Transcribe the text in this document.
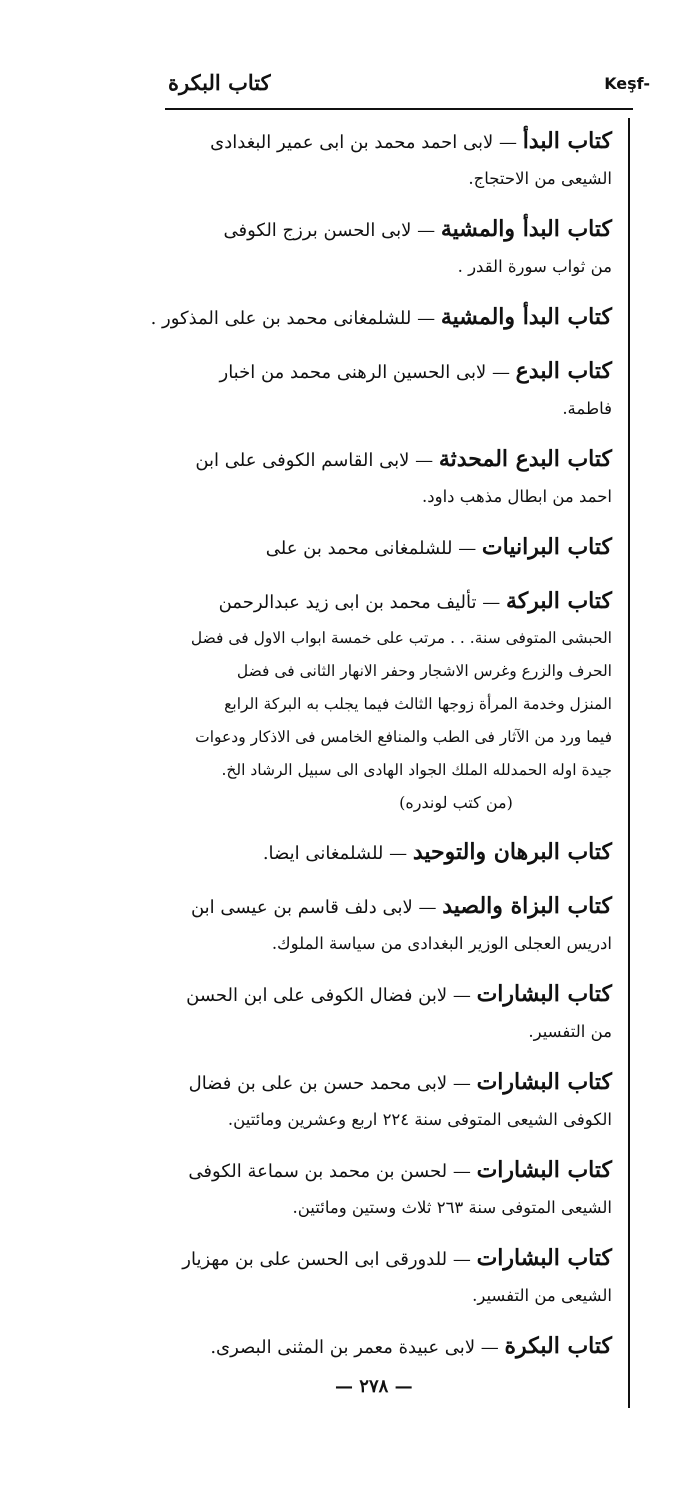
كتاب البكرة	Keşf-
كتاب البدأ — لابى احمد محمد بن ابى عمير البغدادى
الشيعى من الاحتجاج.
كتاب البدأ والمشية — لابى الحسن برزج الكوفى
من ثواب سورة القدر .
كتاب البدأ والمشية — للشلمغانى محمد بن على المذكور .
كتاب البدع — لابى الحسين الرهنى محمد من اخبار
فاطمة.
كتاب البدع المحدثة — لابى القاسم الكوفى على ابن
احمد من ابطال مذهب داود.
كتاب البرانيات — للشلمغانى محمد بن على
كتاب البركة — تأليف محمد بن ابى زيد عبدالرحمن
الحبشى المتوفى سنة. . . مرتب على خمسة ابواب الاول فى فضل
الحرف والزرع وغرس الاشجار وحفر الانهار الثانى فى فضل
المنزل وخدمة المرأة زوجها الثالث فيما يجلب به البركة الرابع
فيما ورد من الآثار فى الطب والمنافع الخامس فى الاذكار ودعوات
جيدة اوله الحمدلله الملك الجواد الهادى الى سبيل الرشاد الخ.
(من كتب لوندره)
كتاب البرهان والتوحيد — للشلمغانى ايضا.
كتاب البزاة والصيد — لابى دلف قاسم بن عيسى ابن
ادريس العجلى الوزير البغدادى من سياسة الملوك.
كتاب البشارات — لابن فضال الكوفى على ابن الحسن
من التفسير.
كتاب البشارات — لابى محمد حسن بن على بن فضال
الكوفى الشيعى المتوفى سنة ٢٢٤ اربع وعشرين ومائتين.
كتاب البشارات — لحسن بن محمد بن سماعة الكوفى
الشيعى المتوفى سنة ٢٦٣ ثلاث وستين ومائتين.
كتاب البشارات — للدورقى ابى الحسن على بن مهزيار
الشيعى من التفسير.
كتاب البكرة — لابى عبيدة معمر بن المثنى البصرى.
— ٢٧٨ —
